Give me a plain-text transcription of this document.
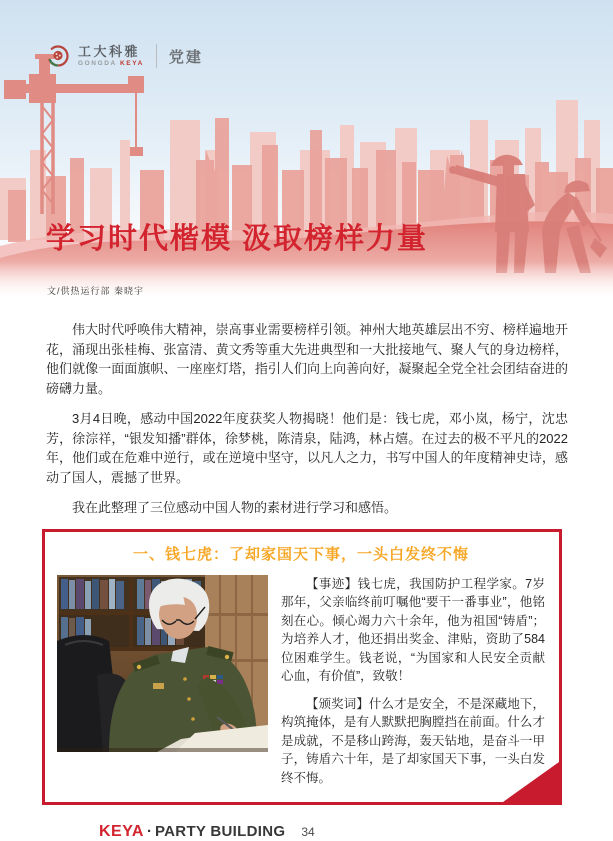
工大科雅
GONGDA KEYA 党建
学习时代楷模 汲取榜样力量
文/供热运行部 秦晓宇

伟大时代呼唤伟大精神，崇高事业需要榜样引领。神州大地英雄层出不穷、榜样遍地开花，涌现出张桂梅、张富清、黄文秀等重大先进典型和一大批接地气、聚人气的身边榜样，他们就像一面面旗帜、一座座灯塔，指引人们向上向善向好，凝聚起全党全社会团结奋进的磅礴力量。

3月4日晚，感动中国2022年度获奖人物揭晓！他们是：钱七虎，邓小岚，杨宁，沈忠芳，徐淙祥，“银发知播”群体，徐梦桃，陈清泉，陆鸿，林占熺。在过去的极不平凡的2022年，他们或在危难中逆行，或在逆境中坚守，以凡人之力，书写中国人的年度精神史诗，感动了国人，震撼了世界。

我在此整理了三位感动中国人物的素材进行学习和感悟。

一、钱七虎：了却家国天下事，一头白发终不悔

【事迹】钱七虎，我国防护工程学家。7岁那年，父亲临终前叮嘱他“要干一番事业”，他铭刻在心。倾心竭力六十余年，他为祖国“铸盾”；为培养人才，他还捐出奖金、津贴，资助了584位困难学生。钱老说，“为国家和人民安全贡献心血，有价值”，致敬！

【颁奖词】什么才是安全，不是深藏地下，构筑掩体，是有人默默把胸膛挡在前面。什么才是成就，不是移山跨海，轰天钻地，是奋斗一甲子，铸盾六十年，是了却家国天下事，一头白发终不悔。

KEYA · PARTY BUILDING 34
